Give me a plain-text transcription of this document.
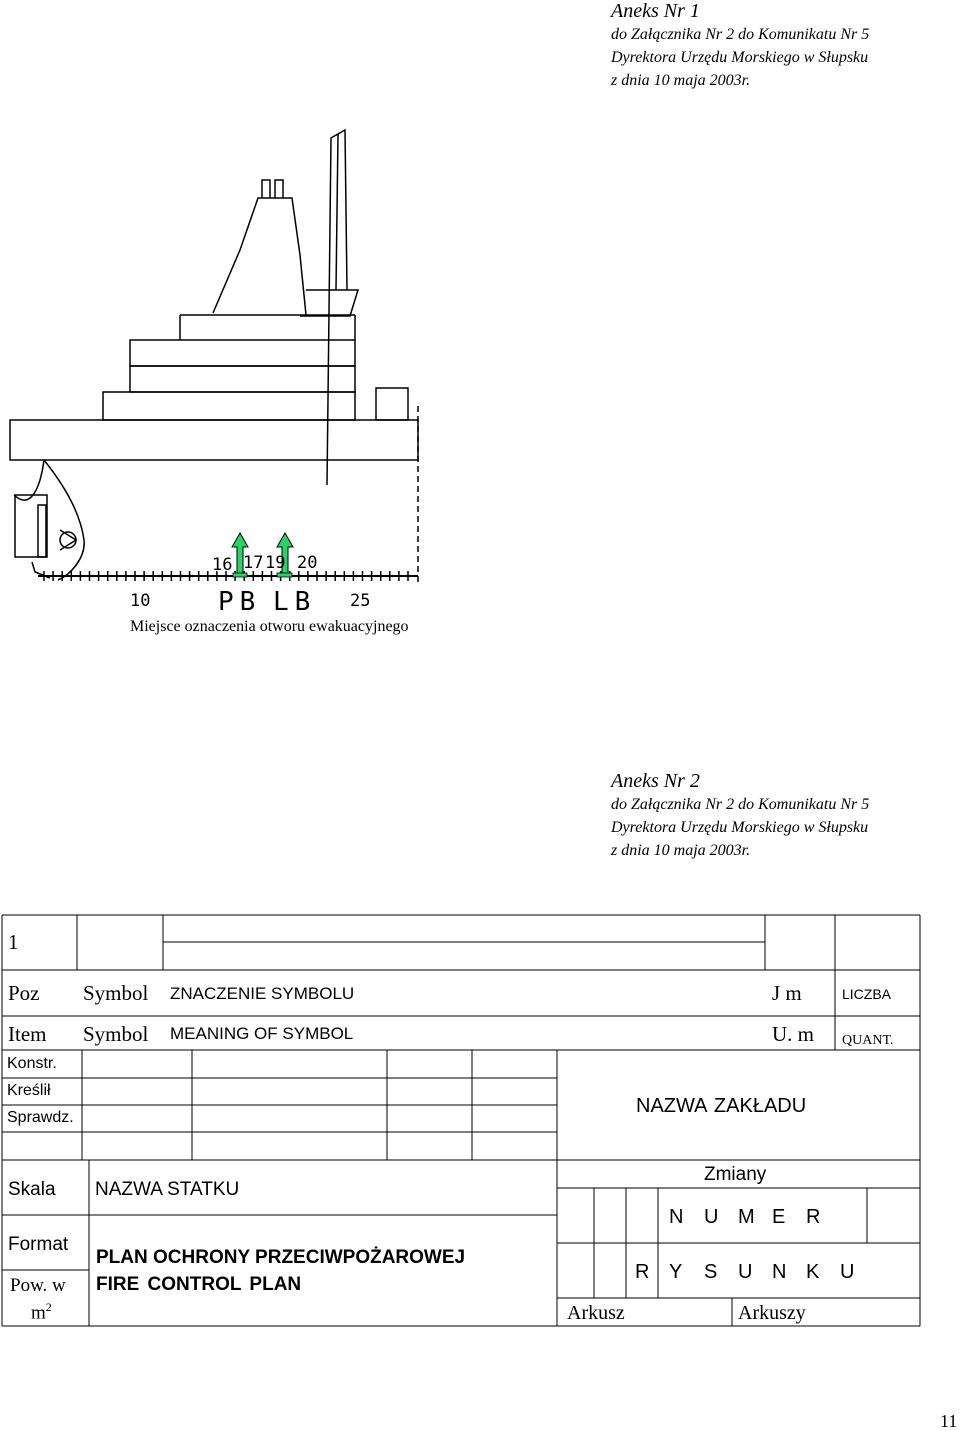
Aneks Nr 1
do Załącznika Nr 2 do Komunikatu Nr 5
Dyrektora Urzędu Morskiego w Słupsku
z dnia 10 maja 2003r.
10
16 17 19 20
25
PB LB
Miejsce oznaczenia otworu ewakuacyjnego
Aneks Nr 2
do Załącznika Nr 2 do Komunikatu Nr 5
Dyrektora Urzędu Morskiego w Słupsku
z dnia 10 maja 2003r.
1
Poz Symbol ZNACZENIE SYMBOLU	J m	LICZBA
Item Symbol MEANING OF SYMBOL	U. m QUANT.
Konstr.
Kreślił
Sprawdz.
NAZWA ZAKŁADU
Skala NAZWA STATKU
Zmiany
Format
PLAN OCHRONY PRZECIWPOŻAROWEJ
FIRE CONTROL PLAN
Pow. w
$m^2$
N U M E R
R Y S U N K U
Arkusz	Arkuszy
11
